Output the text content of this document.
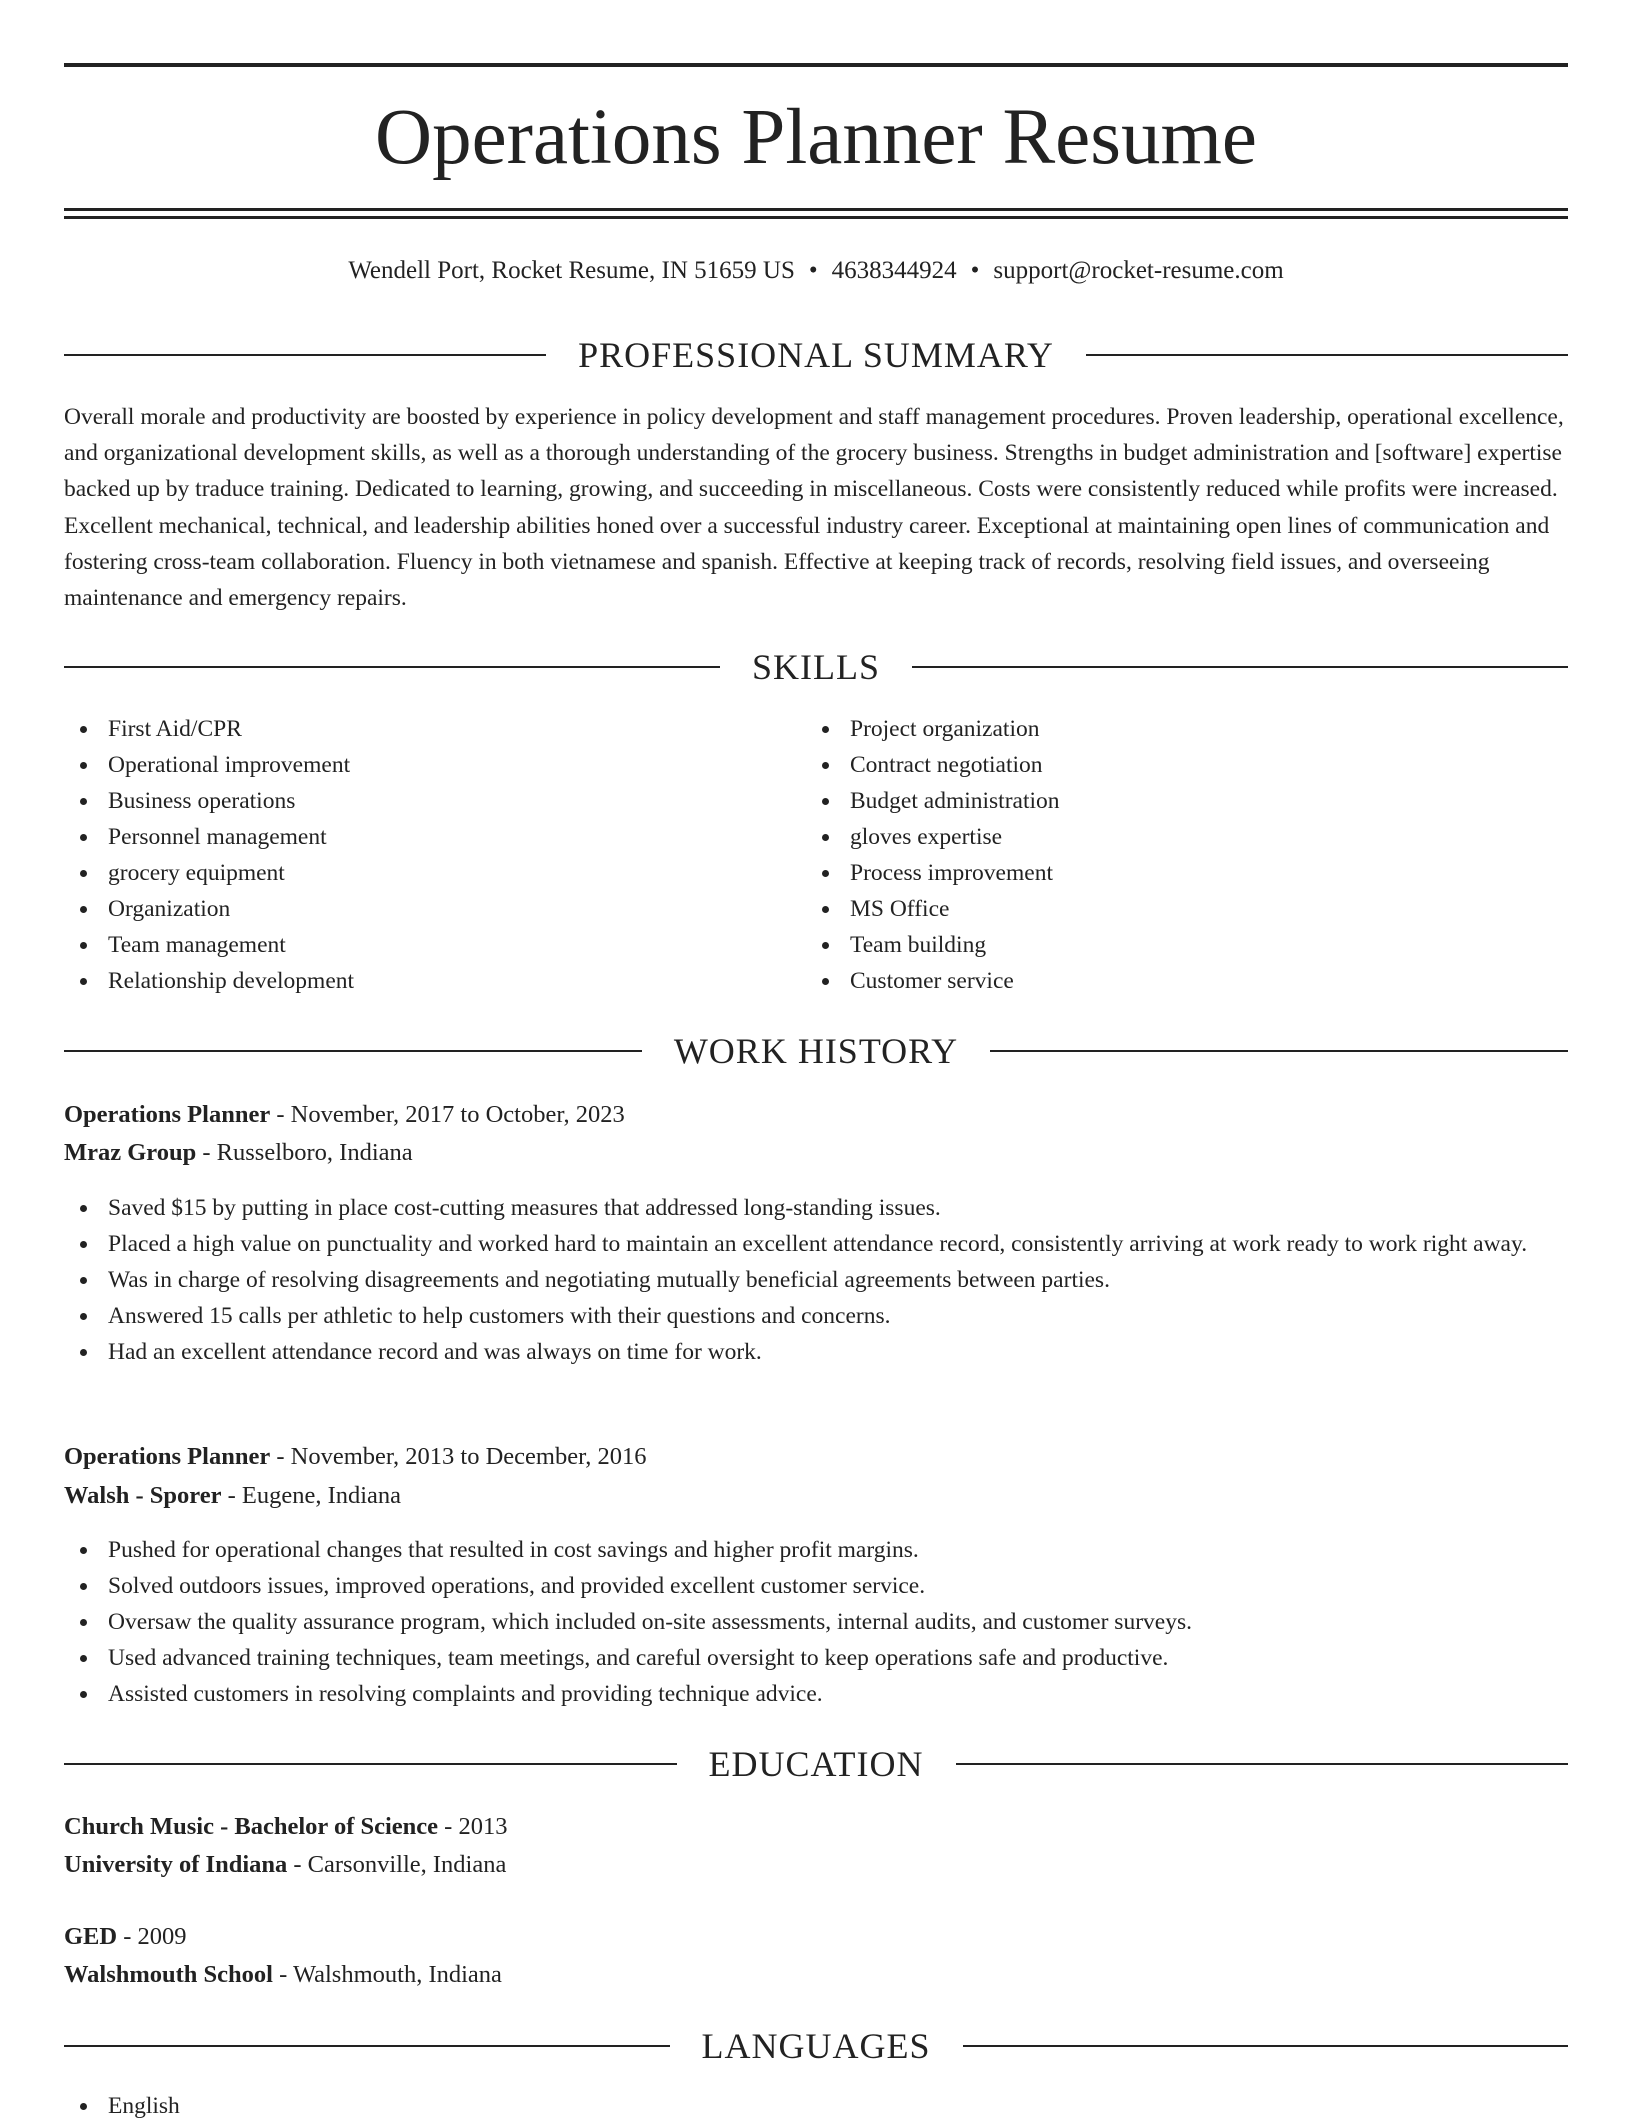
Operations Planner Resume
Wendell Port, Rocket Resume, IN 51659 US • 4638344924 • support@rocket-resume.com
PROFESSIONAL SUMMARY

Overall morale and productivity are boosted by experience in policy development and staff management procedures. Proven leadership, operational excellence, and organizational development skills, as well as a thorough understanding of the grocery business. Strengths in budget administration and [software] expertise backed up by traduce training. Dedicated to learning, growing, and succeeding in miscellaneous. Costs were consistently reduced while profits were increased. Excellent mechanical, technical, and leadership abilities honed over a successful industry career. Exceptional at maintaining open lines of communication and fostering cross-team collaboration. Fluency in both vietnamese and spanish. Effective at keeping track of records, resolving field issues, and overseeing maintenance and emergency repairs.

SKILLS
First Aid/CPR
Operational improvement
Business operations
Personnel management
grocery equipment
Organization
Team management
Relationship development
Project organization
Contract negotiation
Budget administration
gloves expertise
Process improvement
MS Office
Team building
Customer service
WORK HISTORY
Operations Planner - November, 2017 to October, 2023
Mraz Group - Russelboro, Indiana
Saved $15 by putting in place cost-cutting measures that addressed long-standing issues.
Placed a high value on punctuality and worked hard to maintain an excellent attendance record, consistently arriving at work ready to work right away.
Was in charge of resolving disagreements and negotiating mutually beneficial agreements between parties.
Answered 15 calls per athletic to help customers with their questions and concerns.
Had an excellent attendance record and was always on time for work.
Operations Planner - November, 2013 to December, 2016
Walsh - Sporer - Eugene, Indiana
Pushed for operational changes that resulted in cost savings and higher profit margins.
Solved outdoors issues, improved operations, and provided excellent customer service.
Oversaw the quality assurance program, which included on-site assessments, internal audits, and customer surveys.
Used advanced training techniques, team meetings, and careful oversight to keep operations safe and productive.
Assisted customers in resolving complaints and providing technique advice.
EDUCATION
Church Music - Bachelor of Science - 2013
University of Indiana - Carsonville, Indiana
GED - 2009
Walshmouth School - Walshmouth, Indiana
LANGUAGES
English
